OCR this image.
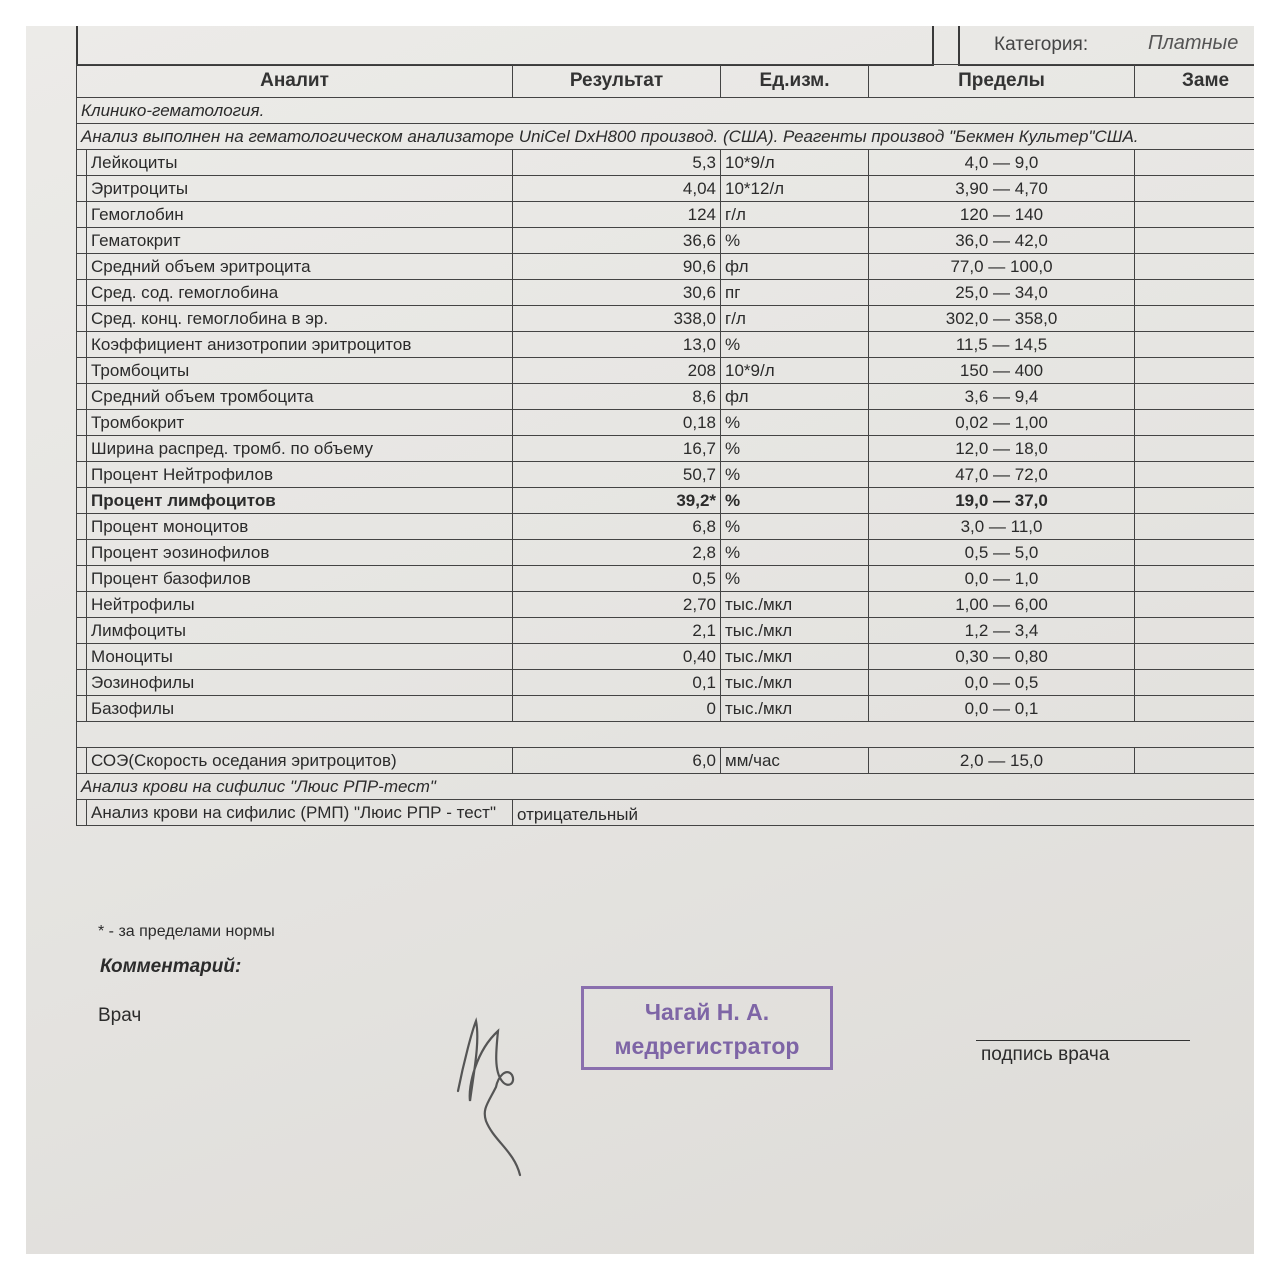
Категория:	Платные
Аналит		Результат	Ед.изм.	Пределы	Заме
Клинико-гематология.					
Анализ выполнен на гематологическом анализаторе UniCel DxH800 производ. (США). Реагенты производ "Бекмен Культер"США.					
	Лейкоциты	5,3	10*9/л	4,0 — 9,0	
	Эритроциты	4,04	10*12/л	3,90 — 4,70	
	Гемоглобин	124	г/л	120 — 140	
	Гематокрит	36,6	%	36,0 — 42,0	
	Средний объем эритроцита	90,6	фл	77,0 — 100,0	
	Сред. сод. гемоглобина	30,6	пг	25,0 — 34,0	
	Сред. конц. гемоглобина в эр.	338,0	г/л	302,0 — 358,0	
	Коэффициент анизотропии эритроцитов	13,0	%	11,5 — 14,5	
	Тромбоциты	208	10*9/л	150 — 400	
	Средний объем тромбоцита	8,6	фл	3,6 — 9,4	
	Тромбокрит	0,18	%	0,02 — 1,00	
	Ширина распред. тромб. по объему	16,7	%	12,0 — 18,0	
	Процент Нейтрофилов	50,7	%	47,0 — 72,0	
	Процент лимфоцитов	39,2*	%	19,0 — 37,0	
	Процент моноцитов	6,8	%	3,0 — 11,0	
	Процент эозинофилов	2,8	%	0,5 — 5,0	
	Процент базофилов	0,5	%	0,0 — 1,0	
	Нейтрофилы	2,70	тыс./мкл	1,00 — 6,00	
	Лимфоциты	2,1	тыс./мкл	1,2 — 3,4	
	Моноциты	0,40	тыс./мкл	0,30 — 0,80	
	Эозинофилы	0,1	тыс./мкл	0,0 — 0,5	
	Базофилы	0	тыс./мкл	0,0 — 0,1	

	СОЭ(Скорость оседания эритроцитов)	6,0	мм/час	2,0 — 15,0	
Анализ крови на сифилис "Люис РПР-тест"					
	Анализ крови на сифилис (РМП) "Люис РПР - тест"	отрицательный			
* - за пределами нормы
Комментарий:
Врач	Чагай Н. А.
медрегистратор	подпись врача
